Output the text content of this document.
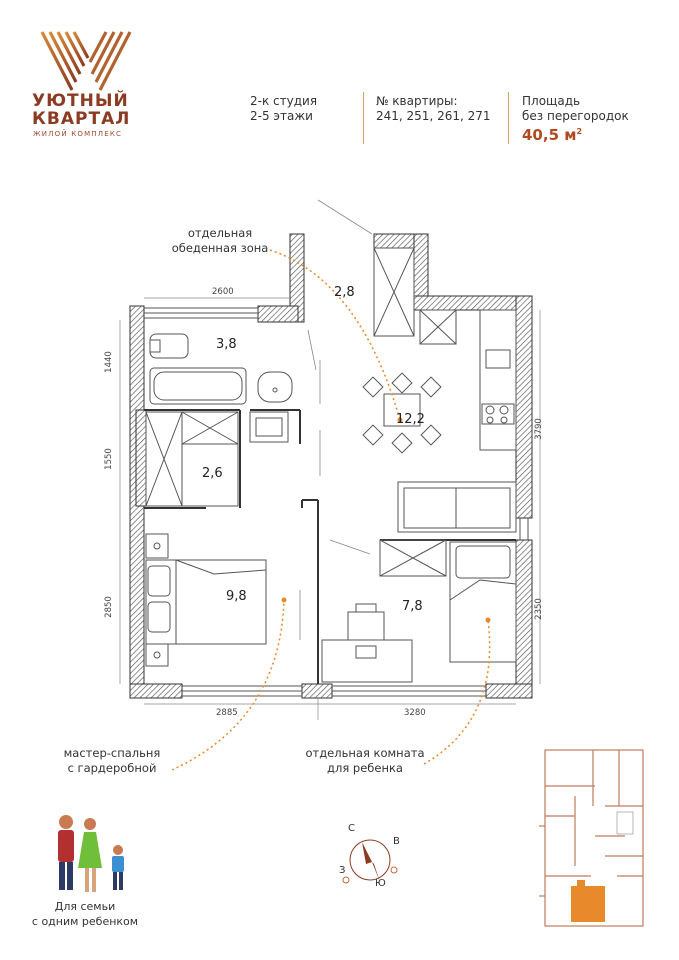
УЮТНЫЙ
КВАРТАЛ
ЖИЛОЙ КОМПЛЕКС
2-к студия
2-5 этажи
№ квартиры:
241, 251, 261, 271
Площадь
без перегородок
40,5 $м^2$
3,8
2,8
12,2
2,6
9,8
7,8
2600
1440
1550
2850
3790
2350
2885	3280
отдельная
обеденная зона
мастер-спальня
с гардеробной
отдельная комната
для ребенка
Для семьи
с одним ребенком
С
В
Ю
З
